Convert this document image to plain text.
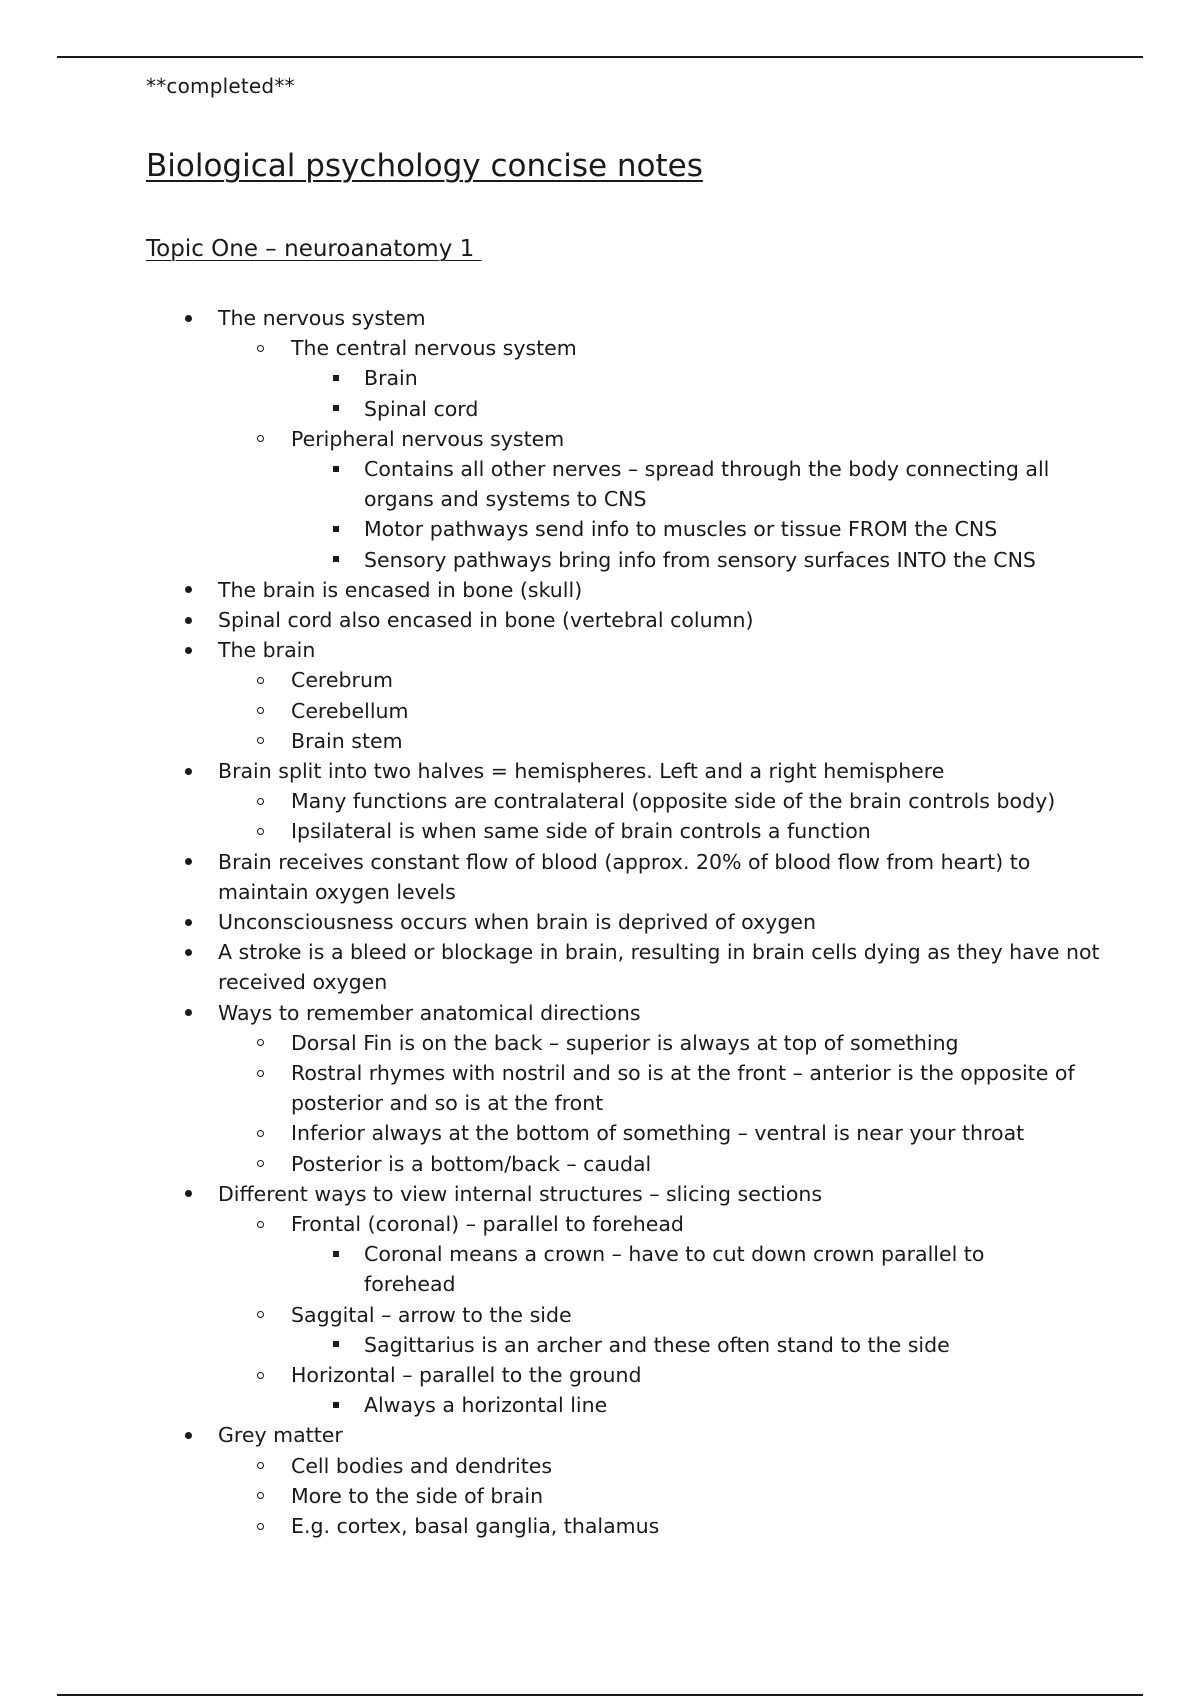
**completed**

Biological psychology concise notes
Topic One – neuroanatomy 1

The nervous system

The central nervous system

Brain

Spinal cord

Peripheral nervous system

Contains all other nerves – spread through the body connecting all

organs and systems to CNS

Motor pathways send info to muscles or tissue FROM the CNS

Sensory pathways bring info from sensory surfaces INTO the CNS

The brain is encased in bone (skull)

Spinal cord also encased in bone (vertebral column)

The brain

Cerebrum

Cerebellum

Brain stem

Brain split into two halves = hemispheres. Left and a right hemisphere

Many functions are contralateral (opposite side of the brain controls body)

Ipsilateral is when same side of brain controls a function

Brain receives constant flow of blood (approx. 20% of blood flow from heart) to

maintain oxygen levels

Unconsciousness occurs when brain is deprived of oxygen

A stroke is a bleed or blockage in brain, resulting in brain cells dying as they have not

received oxygen

Ways to remember anatomical directions

Dorsal Fin is on the back – superior is always at top of something

Rostral rhymes with nostril and so is at the front – anterior is the opposite of

posterior and so is at the front

Inferior always at the bottom of something – ventral is near your throat

Posterior is a bottom/back – caudal

Different ways to view internal structures – slicing sections

Frontal (coronal) – parallel to forehead

Coronal means a crown – have to cut down crown parallel to

forehead

Saggital – arrow to the side

Sagittarius is an archer and these often stand to the side

Horizontal – parallel to the ground

Always a horizontal line

Grey matter

Cell bodies and dendrites

More to the side of brain

E.g. cortex, basal ganglia, thalamus
